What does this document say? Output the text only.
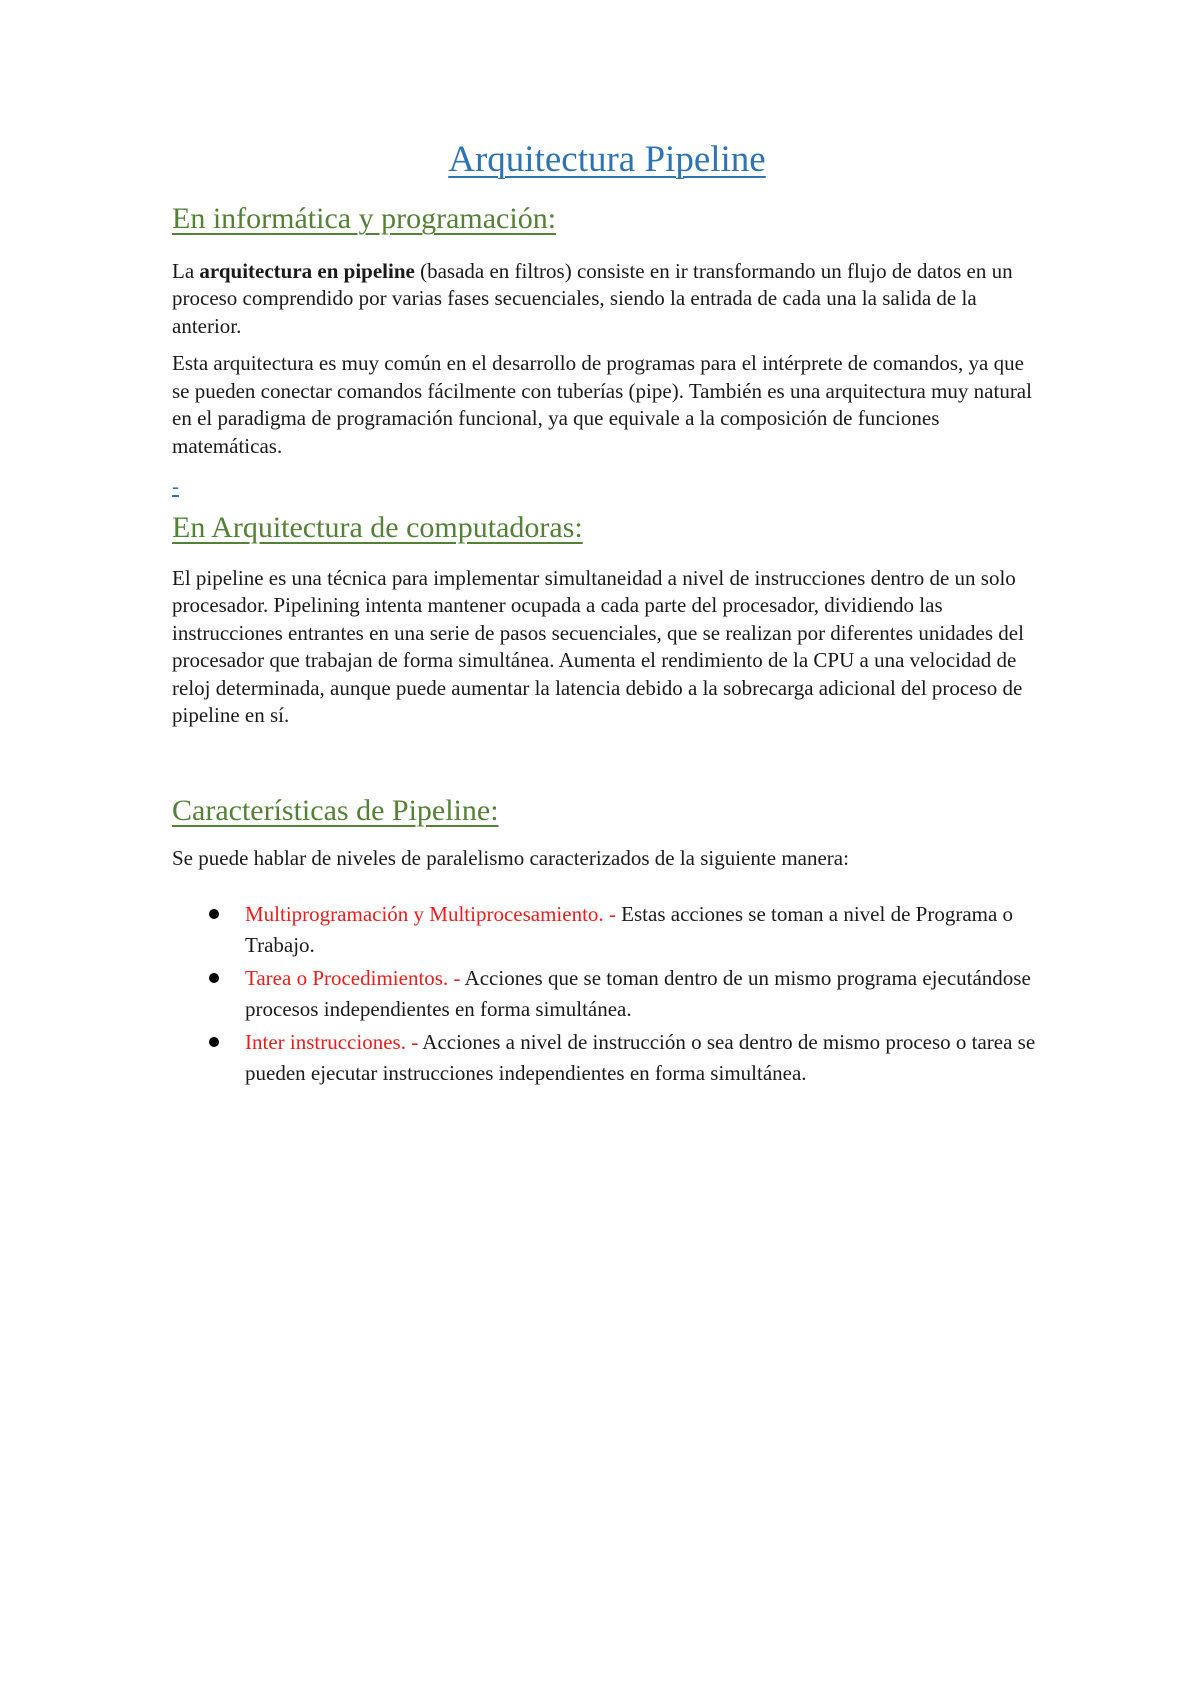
Arquitectura Pipeline
En informática y programación:

La arquitectura en pipeline (basada en filtros) consiste en ir transformando un flujo de datos en un proceso comprendido por varias fases secuenciales, siendo la entrada de cada una la salida de la anterior.

Esta arquitectura es muy común en el desarrollo de programas para el intérprete de comandos, ya que se pueden conectar comandos fácilmente con tuberías (pipe). También es una arquitectura muy natural en el paradigma de programación funcional, ya que equivale a la composición de funciones matemáticas.

-
En Arquitectura de computadoras:

El pipeline es una técnica para implementar simultaneidad a nivel de instrucciones dentro de un solo procesador. Pipelining intenta mantener ocupada a cada parte del procesador, dividiendo las instrucciones entrantes en una serie de pasos secuenciales, que se realizan por diferentes unidades del procesador que trabajan de forma simultánea. Aumenta el rendimiento de la CPU a una velocidad de reloj determinada, aunque puede aumentar la latencia debido a la sobrecarga adicional del proceso de pipeline en sí.

Características de Pipeline:

Se puede hablar de niveles de paralelismo caracterizados de la siguiente manera:

Multiprogramación y Multiprocesamiento. - Estas acciones se toman a nivel de Programa o Trabajo.
Tarea o Procedimientos. - Acciones que se toman dentro de un mismo programa ejecutándose procesos independientes en forma simultánea.
Inter instrucciones. - Acciones a nivel de instrucción o sea dentro de mismo proceso o tarea se pueden ejecutar instrucciones independientes en forma simultánea.
